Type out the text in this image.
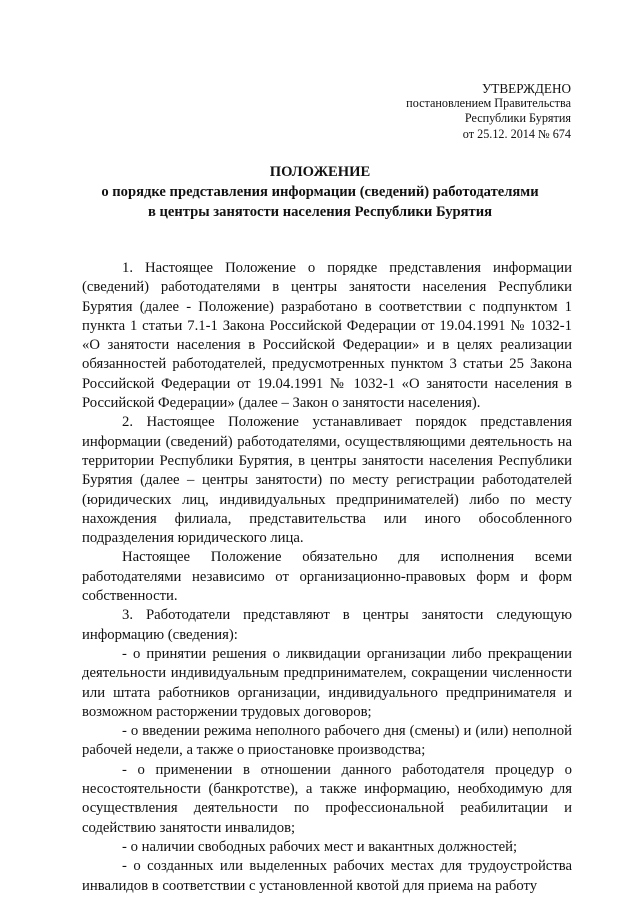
УТВЕРЖДЕНО
постановлением Правительства
Республики Бурятия
от 25.12. 2014 № 674
ПОЛОЖЕНИЕ
о порядке представления информации (сведений) работодателями
в центры занятости населения Республики Бурятия

1. Настоящее Положение о порядке представления информации (сведений) работодателями в центры занятости населения Республики Бурятия (далее - Положение) разработано в соответствии с подпунктом 1 пункта 1 статьи 7.1-1 Закона Российской Федерации от 19.04.1991 № 1032-1 «О занятости населения в Российской Федерации» и в целях реализации обязанностей работодателей, предусмотренных пунктом 3 статьи 25 Закона Российской Федерации от 19.04.1991 № 1032-1 «О занятости населения в Российской Федерации» (далее – Закон о занятости населения).

2. Настоящее Положение устанавливает порядок представления информации (сведений) работодателями, осуществляющими деятельность на территории Республики Бурятия, в центры занятости населения Республики Бурятия (далее – центры занятости) по месту регистрации работодателей (юридических лиц, индивидуальных предпринимателей) либо по месту нахождения филиала, представительства или иного обособленного подразделения юридического лица.

Настоящее Положение обязательно для исполнения всеми работодателями независимо от организационно-правовых форм и форм собственности.

3. Работодатели представляют в центры занятости следующую информацию (сведения):

- о принятии решения о ликвидации организации либо прекращении деятельности индивидуальным предпринимателем, сокращении численности или штата работников организации, индивидуального предпринимателя и возможном расторжении трудовых договоров;

- о введении режима неполного рабочего дня (смены) и (или) неполной рабочей недели, а также о приостановке производства;

- о применении в отношении данного работодателя процедур о несостоятельности (банкротстве), а также информацию, необходимую для осуществления деятельности по профессиональной реабилитации и содействию занятости инвалидов;

- о наличии свободных рабочих мест и вакантных должностей;

- о созданных или выделенных рабочих местах для трудоустройства инвалидов в соответствии с установленной квотой для приема на работу
